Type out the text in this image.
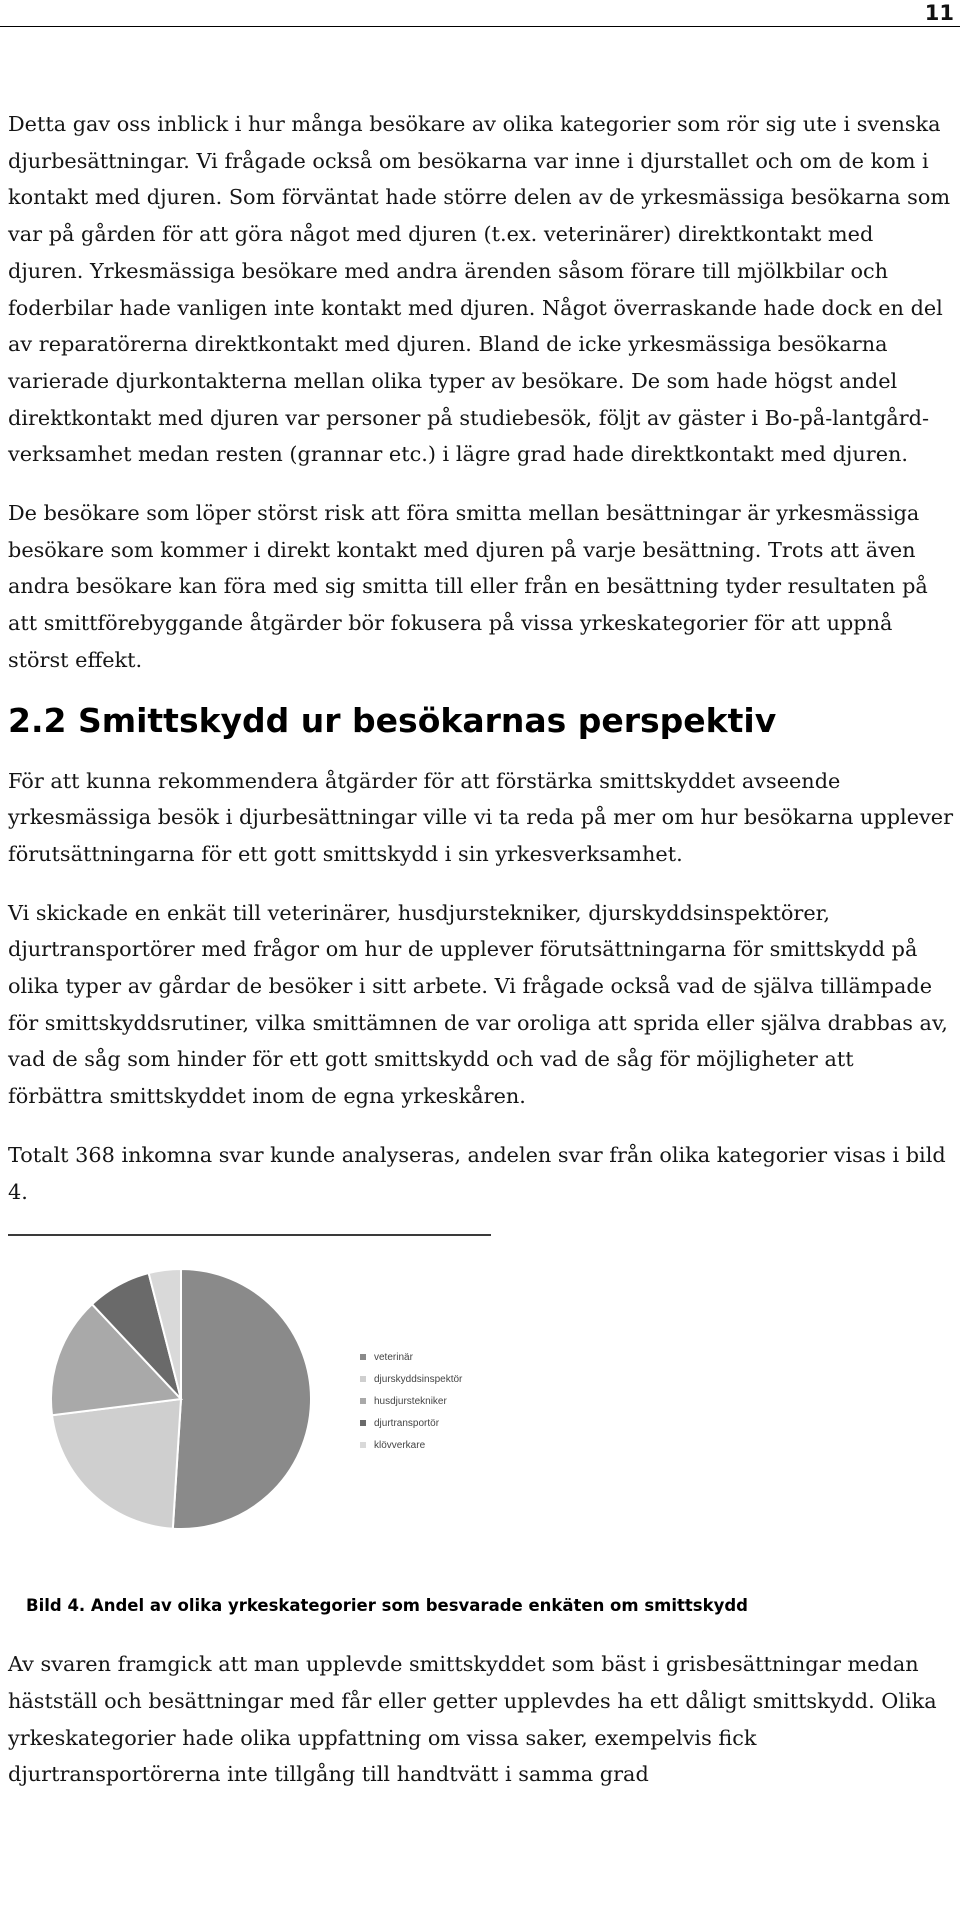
11

Detta gav oss inblick i hur många besökare av olika kategorier som rör sig ute i svenska djurbesättningar. Vi frågade också om besökarna var inne i djurstallet och om de kom i kontakt med djuren. Som förväntat hade större delen av de yrkesmässiga besökarna som var på gården för att göra något med djuren (t.ex. veterinärer) direktkontakt med djuren. Yrkesmässiga besökare med andra ärenden såsom förare till mjölkbilar och foderbilar hade vanligen inte kontakt med djuren. Något överraskande hade dock en del av reparatörerna direktkontakt med djuren. Bland de icke yrkesmässiga besökarna varierade djurkontakterna mellan olika typer av besökare. De som hade högst andel direktkontakt med djuren var personer på studiebesök, följt av gäster i Bo-på-lantgård-verksamhet medan resten (grannar etc.) i lägre grad hade direktkontakt med djuren.

De besökare som löper störst risk att föra smitta mellan besättningar är yrkesmässiga besökare som kommer i direkt kontakt med djuren på varje besättning. Trots att även andra besökare kan föra med sig smitta till eller från en besättning tyder resultaten på att smittförebyggande åtgärder bör fokusera på vissa yrkeskategorier för att uppnå störst effekt.

2.2 Smittskydd ur besökarnas perspektiv

För att kunna rekommendera åtgärder för att förstärka smittskyddet avseende yrkesmässiga besök i djurbesättningar ville vi ta reda på mer om hur besökarna upplever förutsättningarna för ett gott smittskydd i sin yrkesverksamhet.

Vi skickade en enkät till veterinärer, husdjurstekniker, djurskyddsinspektörer, djurtransportörer med frågor om hur de upplever förutsättningarna för smittskydd på olika typer av gårdar de besöker i sitt arbete. Vi frågade också vad de själva tillämpade för smittskyddsrutiner, vilka smittämnen de var oroliga att sprida eller själva drabbas av, vad de såg som hinder för ett gott smittskydd och vad de såg för möjligheter att förbättra smittskyddet inom de egna yrkeskåren.

Totalt 368 inkomna svar kunde analyseras, andelen svar från olika kategorier visas i bild 4.

veterinär
djurskyddsinspektör
husdjurstekniker
djurtransportör
klövverkare
Bild 4. Andel av olika yrkeskategorier som besvarade enkäten om smittskydd

Av svaren framgick att man upplevde smittskyddet som bäst i grisbesättningar medan hästställ och besättningar med får eller getter upplevdes ha ett dåligt smittskydd. Olika yrkeskategorier hade olika uppfattning om vissa saker, exempelvis fick djurtransportörerna inte tillgång till handtvätt i samma grad
